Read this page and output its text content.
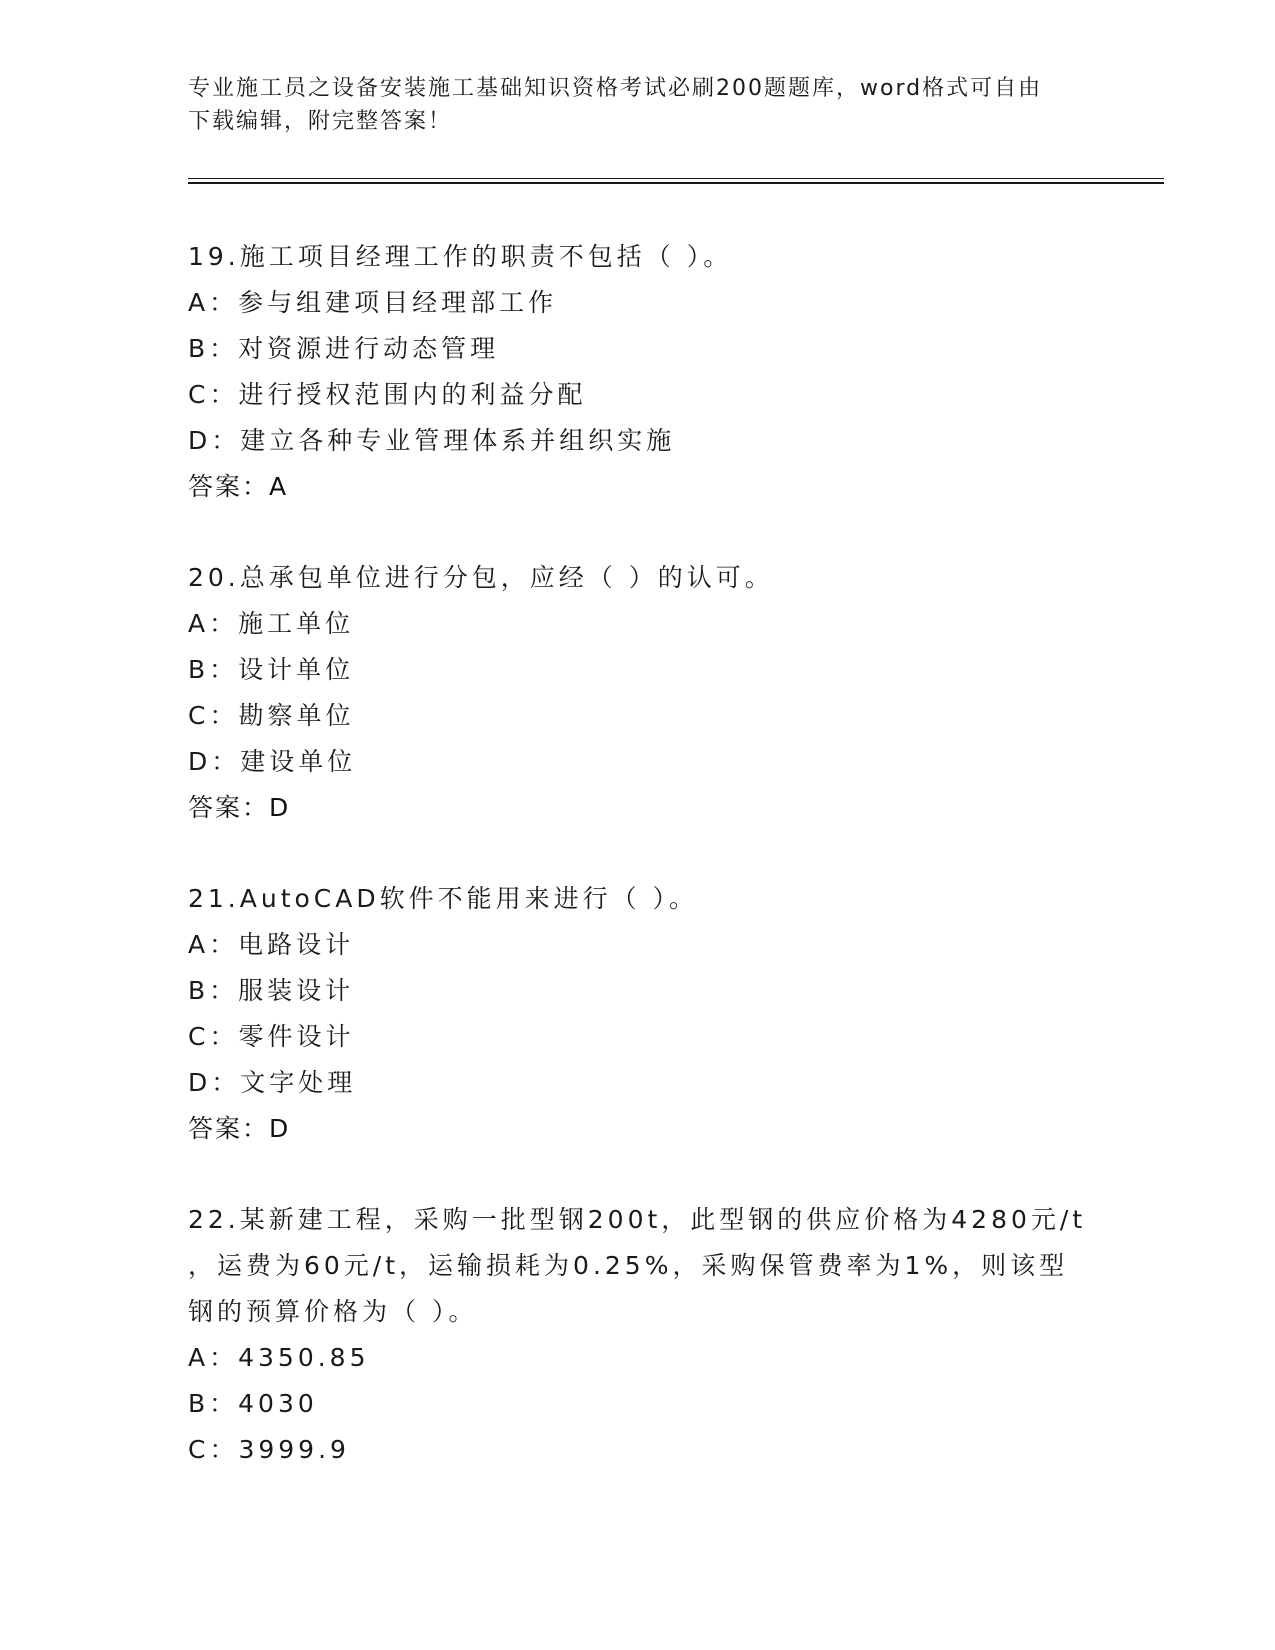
专业施工员之设备安装施工基础知识资格考试必刷200题题库，word格式可自由
下载编辑，附完整答案！
19.施工项目经理工作的职责不包括（ ）。
A：参与组建项目经理部工作
B：对资源进行动态管理
C：进行授权范围内的利益分配
D：建立各种专业管理体系并组织实施
答案：A
20.总承包单位进行分包，应经（ ）的认可。
A：施工单位
B：设计单位
C：勘察单位
D：建设单位
答案：D
21.AutoCAD软件不能用来进行（ ）。
A：电路设计
B：服装设计
C：零件设计
D：文字处理
答案：D
22.某新建工程，采购一批型钢200t，此型钢的供应价格为4280元/t
，运费为60元/t，运输损耗为0.25%，采购保管费率为1%，则该型
钢的预算价格为（ ）。
A：4350.85
B：4030
C：3999.9
